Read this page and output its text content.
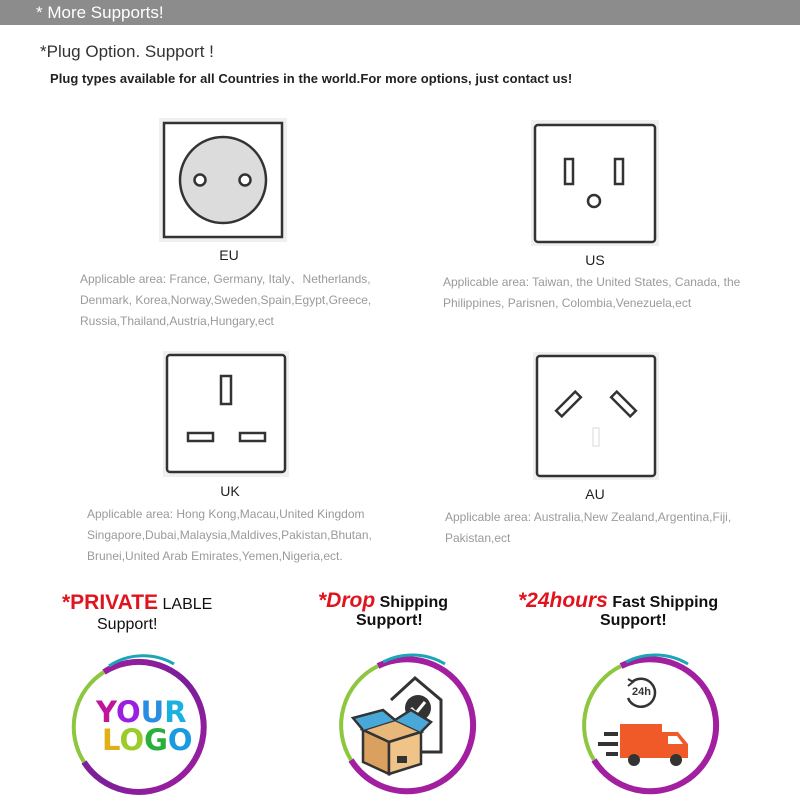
* More Supports!
*Plug Option. Support !
Plug types available for all Countries in the world.For more options, just contact us!
EU
Applicable area: France, Germany, Italy、Netherlands,
Denmark, Korea,Norway,Sweden,Spain,Egypt,Greece,
Russia,Thailand,Austria,Hungary,ect
US
Applicable area: Taiwan, the United States, Canada, the
Philippines, Parisnen, Colombia,Venezuela,ect
UK
Applicable area: Hong Kong,Macau,United Kingdom
Singapore,Dubai,Malaysia,Maldives,Pakistan,Bhutan,
Brunei,United Arab Emirates,Yemen,Nigeria,ect.
AU
Applicable area: Australia,New Zealand,Argentina,Fiji,
Pakistan,ect
*PRIVATE LABLE
Support!
*Drop Shipping
Support!
*24hours Fast Shipping
Support!
YOUR
LOGO
24h
